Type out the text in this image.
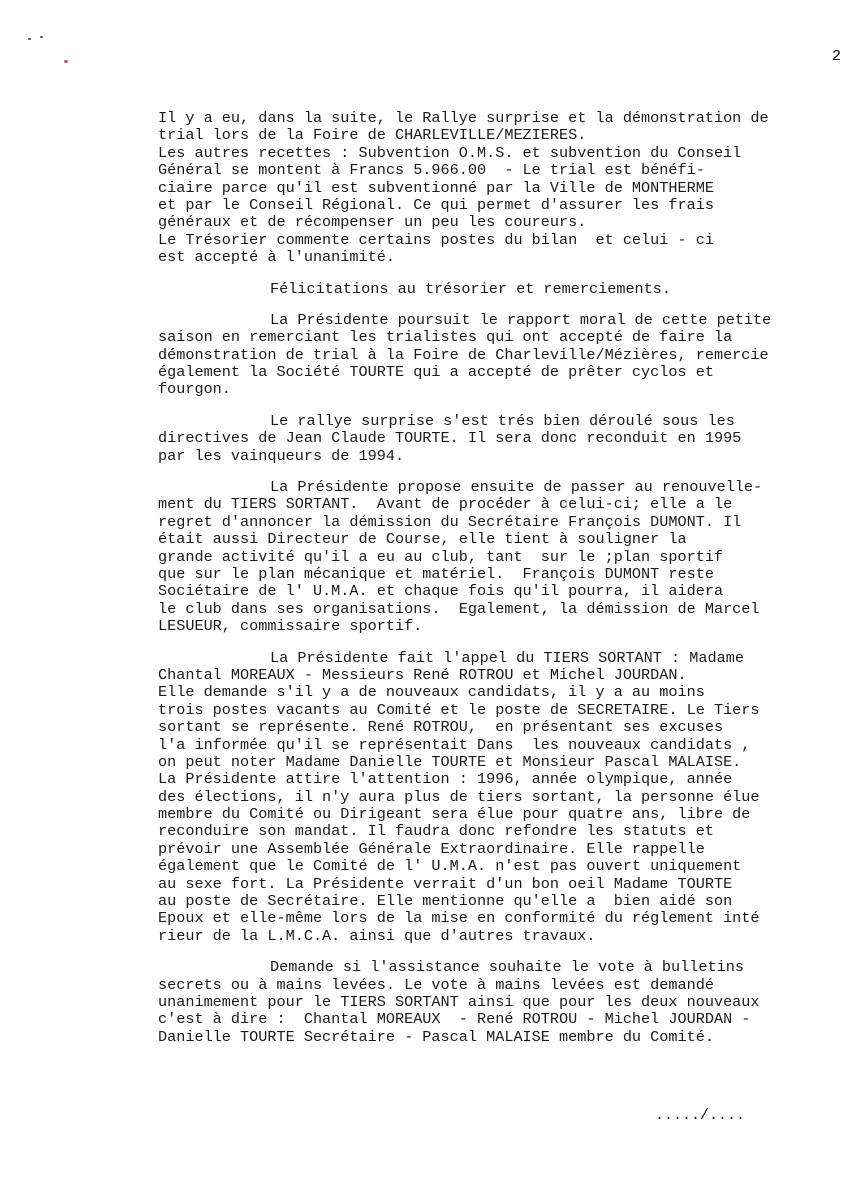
2
Il y a eu, dans la suite, le Rallye surprise et la démonstration de
trial lors de la Foire de CHARLEVILLE/MEZIERES.
Les autres recettes : Subvention O.M.S. et subvention du Conseil
Général se montent à Francs 5.966.00  - Le trial est bénéfi-
ciaire parce qu'il est subventionné par la Ville de MONTHERME
et par le Conseil Régional. Ce qui permet d'assurer les frais
généraux et de récompenser un peu les coureurs.
Le Trésorier commente certains postes du bilan  et celui - ci
est accepté à l'unanimité.
Félicitations au trésorier et remerciements.
La Présidente poursuit le rapport moral de cette petite
saison en remerciant les trialistes qui ont accepté de faire la
démonstration de trial à la Foire de Charleville/Mézières, remercie
également la Société TOURTE qui a accepté de prêter cyclos et
fourgon.
Le rallye surprise s'est trés bien déroulé sous les
directives de Jean Claude TOURTE. Il sera donc reconduit en 1995
par les vainqueurs de 1994.
La Présidente propose ensuite de passer au renouvelle-
ment du TIERS SORTANT.  Avant de procéder à celui-ci; elle a le
regret d'annoncer la démission du Secrétaire François DUMONT. Il
était aussi Directeur de Course, elle tient à souligner la
grande activité qu'il a eu au club, tant  sur le ;plan sportif
que sur le plan mécanique et matériel.  François DUMONT reste
Sociétaire de l' U.M.A. et chaque fois qu'il pourra, il aidera
le club dans ses organisations.  Egalement, la démission de Marcel
LESUEUR, commissaire sportif.
La Présidente fait l'appel du TIERS SORTANT : Madame
Chantal MOREAUX - Messieurs René ROTROU et Michel JOURDAN.
Elle demande s'il y a de nouveaux candidats, il y a au moins
trois postes vacants au Comité et le poste de SECRETAIRE. Le Tiers
sortant se représente. René ROTROU,  en présentant ses excuses
l'a informée qu'il se représentait Dans  les nouveaux candidats ,
on peut noter Madame Danielle TOURTE et Monsieur Pascal MALAISE.
La Présidente attire l'attention : 1996, année olympique, année
des élections, il n'y aura plus de tiers sortant, la personne élue
membre du Comité ou Dirigeant sera élue pour quatre ans, libre de
reconduire son mandat. Il faudra donc refondre les statuts et
prévoir une Assemblée Générale Extraordinaire. Elle rappelle
également que le Comité de l' U.M.A. n'est pas ouvert uniquement
au sexe fort. La Présidente verrait d'un bon oeil Madame TOURTE
au poste de Secrétaire. Elle mentionne qu'elle a  bien aidé son
Epoux et elle-même lors de la mise en conformité du réglement inté
rieur de la L.M.C.A. ainsi que d'autres travaux.
Demande si l'assistance souhaite le vote à bulletins
secrets ou à mains levées. Le vote à mains levées est demandé
unanimement pour le TIERS SORTANT ainsi que pour les deux nouveaux
c'est à dire :  Chantal MOREAUX  - René ROTROU - Michel JOURDAN -
Danielle TOURTE Secrétaire - Pascal MALAISE membre du Comité.
...../....
